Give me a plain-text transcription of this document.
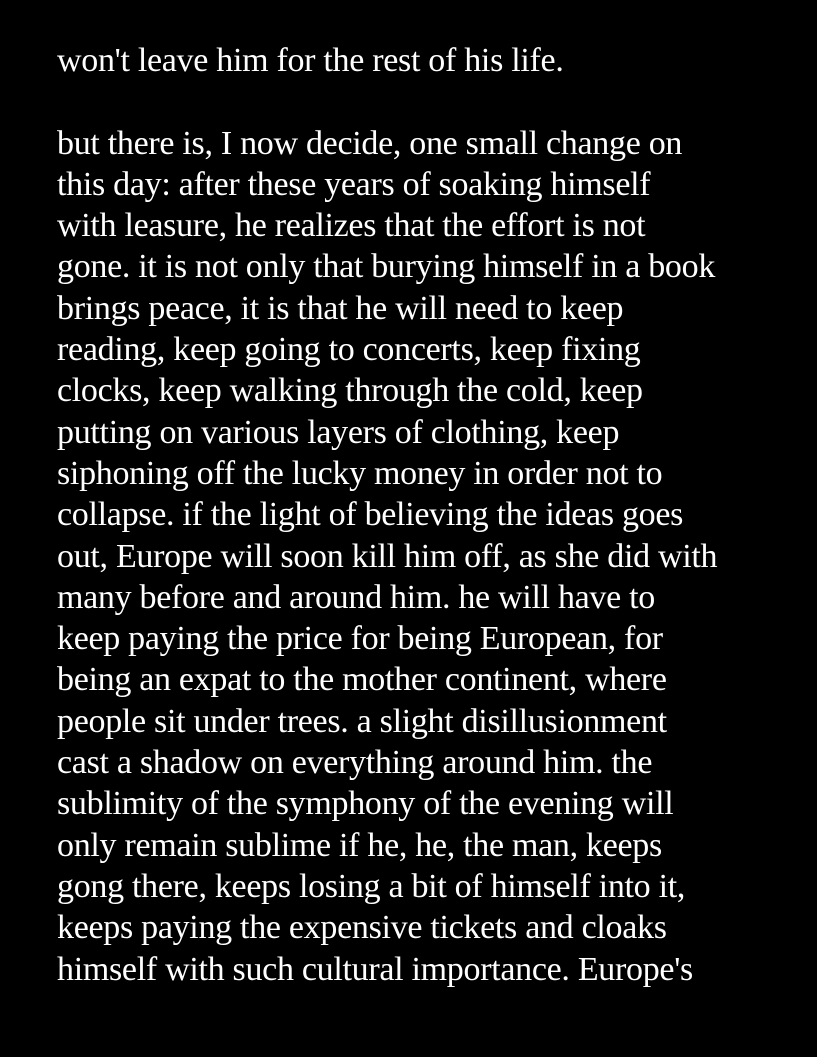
won't leave him for the rest of his life.
but there is, I now decide, one small change on
this day: after these years of soaking himself
with leasure, he realizes that the effort is not
gone. it is not only that burying himself in a book
brings peace, it is that he will need to keep
reading, keep going to concerts, keep fixing
clocks, keep walking through the cold, keep
putting on various layers of clothing, keep
siphoning off the lucky money in order not to
collapse. if the light of believing the ideas goes
out, Europe will soon kill him off, as she did with
many before and around him. he will have to
keep paying the price for being European, for
being an expat to the mother continent, where
people sit under trees. a slight disillusionment
cast a shadow on everything around him. the
sublimity of the symphony of the evening will
only remain sublime if he, he, the man, keeps
gong there, keeps losing a bit of himself into it,
keeps paying the expensive tickets and cloaks
himself with such cultural importance. Europe's
